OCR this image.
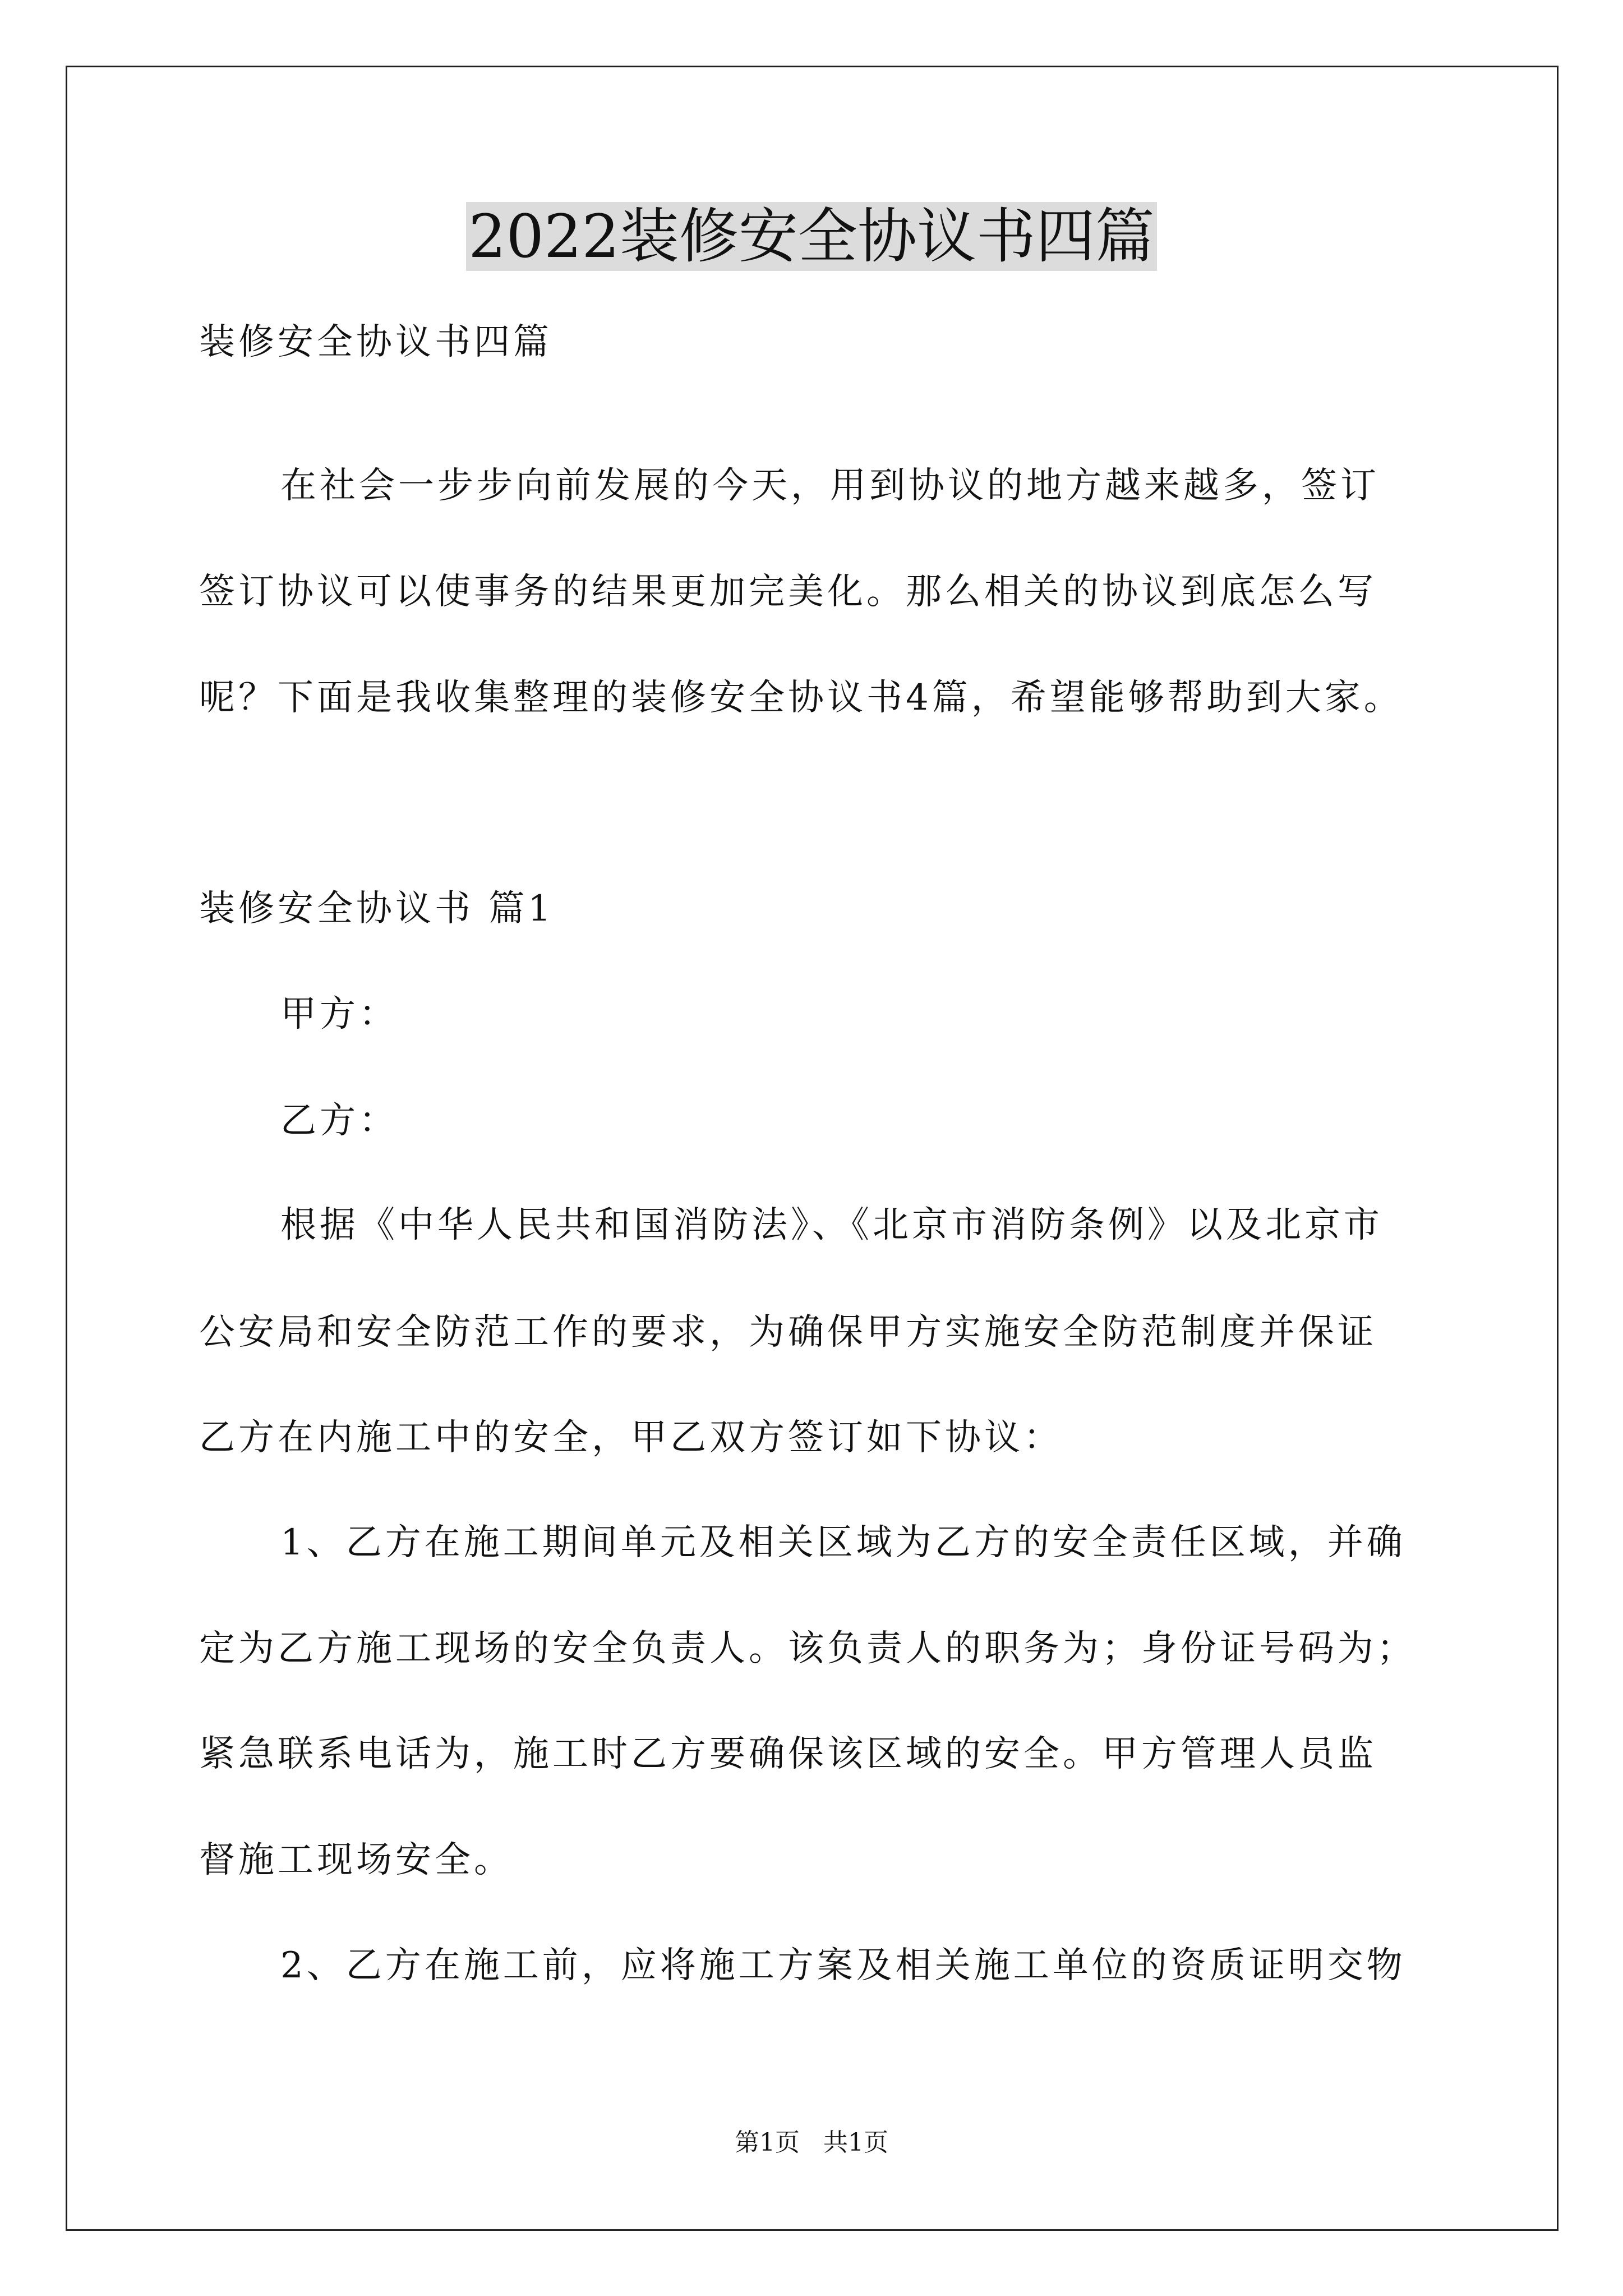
2022装修安全协议书四篇

装修安全协议书四篇

在社会一步步向前发展的今天，用到协议的地方越来越多，签订

签订协议可以使事务的结果更加完美化。那么相关的协议到底怎么写

呢？下面是我收集整理的装修安全协议书4篇，希望能够帮助到大家。

装修安全协议书 篇1

甲方：

乙方：

根据《中华人民共和国消防法》、《北京市消防条例》以及北京市

公安局和安全防范工作的要求，为确保甲方实施安全防范制度并保证

乙方在内施工中的安全，甲乙双方签订如下协议：

1、乙方在施工期间单元及相关区域为乙方的安全责任区域，并确

定为乙方施工现场的安全负责人。该负责人的职务为；身份证号码为；

紧急联系电话为，施工时乙方要确保该区域的安全。甲方管理人员监

督施工现场安全。

2、乙方在施工前，应将施工方案及相关施工单位的资质证明交物

第1页 共1页
